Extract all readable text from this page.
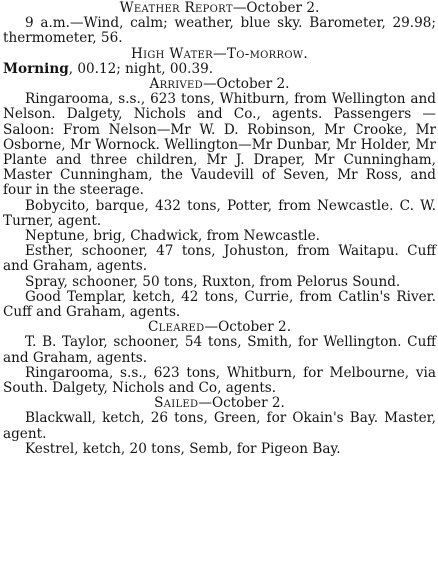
Weather Report—October 2.

9 a.m.—Wind, calm; weather, blue sky. Barometer, 29.98; thermometer, 56.

High Water—To-morrow.

Morning, 00.12; night, 00.39.

Arrived—October 2.

Ringarooma, s.s., 623 tons, Whitburn, from Wellington and Nelson. Dalgety, Nichols and Co., agents. Passengers — Saloon: From Nelson—Mr W. D. Robinson, Mr Crooke, Mr Osborne, Mr Wornock. Wellington—Mr Dunbar, Mr Holder, Mr Plante and three children, Mr J. Draper, Mr Cunningham, Master Cunningham, the Vaudevill of Seven, Mr Ross, and four in the steerage.

Bobycito, barque, 432 tons, Potter, from Newcastle. C. W. Turner, agent.

Neptune, brig, Chadwick, from Newcastle.

Esther, schooner, 47 tons, Johuston, from Waitapu. Cuff and Graham, agents.

Spray, schooner, 50 tons, Ruxton, from Pelorus Sound.

Good Templar, ketch, 42 tons, Currie, from Catlin's River. Cuff and Graham, agents.

Cleared—October 2.

T. B. Taylor, schooner, 54 tons, Smith, for Wellington. Cuff and Graham, agents.

Ringarooma, s.s., 623 tons, Whitburn, for Melbourne, via South. Dalgety, Nichols and Co, agents.

Sailed—October 2.

Blackwall, ketch, 26 tons, Green, for Okain's Bay. Master, agent.

Kestrel, ketch, 20 tons, Semb, for Pigeon Bay.
